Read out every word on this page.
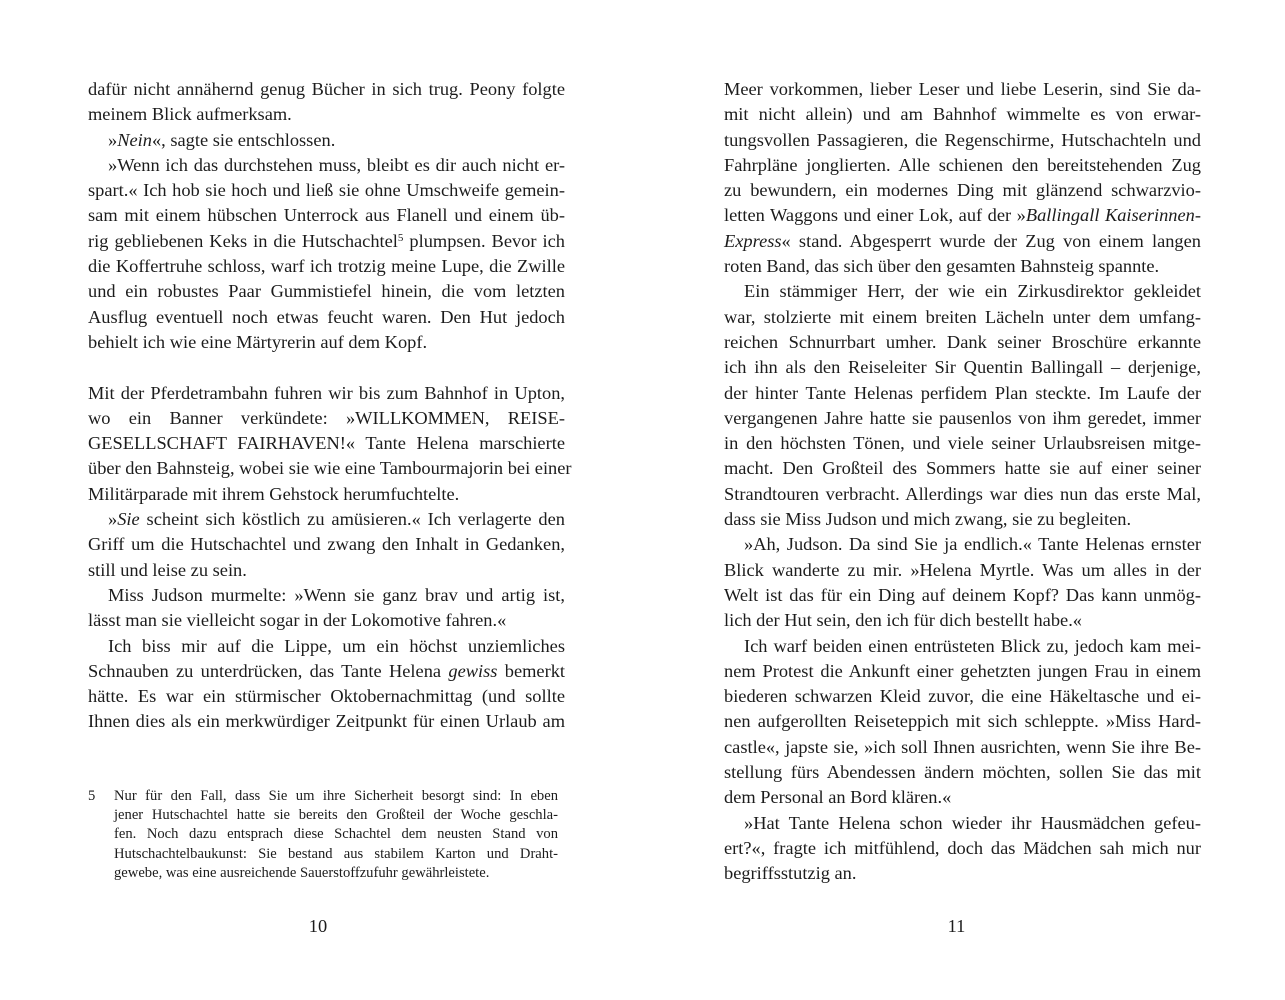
dafür nicht annähernd genug Bücher in sich trug. Peony folgte
meinem Blick aufmerksam.
»Nein«, sagte sie entschlossen.
»Wenn ich das durchstehen muss, bleibt es dir auch nicht er-
spart.« Ich hob sie hoch und ließ sie ohne Umschweife gemein-
sam mit einem hübschen Unterrock aus Flanell und einem üb-
rig gebliebenen Keks in die Hutschachtel$^5$ plumpsen. Bevor ich
die Koffertruhe schloss, warf ich trotzig meine Lupe, die Zwille
und ein robustes Paar Gummistiefel hinein, die vom letzten
Ausflug eventuell noch etwas feucht waren. Den Hut jedoch
behielt ich wie eine Märtyrerin auf dem Kopf.
Mit der Pferdetrambahn fuhren wir bis zum Bahnhof in Upton,
wo ein Banner verkündete: »WILLKOMMEN, REISE-
GESELLSCHAFT FAIRHAVEN!« Tante Helena marschierte
über den Bahnsteig, wobei sie wie eine Tambourmajorin bei einer
Militärparade mit ihrem Gehstock herumfuchtelte.
»Sie scheint sich köstlich zu amüsieren.« Ich verlagerte den
Griff um die Hutschachtel und zwang den Inhalt in Gedanken,
still und leise zu sein.
Miss Judson murmelte: »Wenn sie ganz brav und artig ist,
lässt man sie vielleicht sogar in der Lokomotive fahren.«
Ich biss mir auf die Lippe, um ein höchst unziemliches
Schnauben zu unterdrücken, das Tante Helena gewiss bemerkt
hätte. Es war ein stürmischer Oktobernachmittag (und sollte
Ihnen dies als ein merkwürdiger Zeitpunkt für einen Urlaub am
5 Nur für den Fall, dass Sie um ihre Sicherheit besorgt sind: In eben
jener Hutschachtel hatte sie bereits den Großteil der Woche geschla-
fen. Noch dazu entsprach diese Schachtel dem neusten Stand von
Hutschachtelbaukunst: Sie bestand aus stabilem Karton und Draht-
gewebe, was eine ausreichende Sauerstoffzufuhr gewährleistete.
10
Meer vorkommen, lieber Leser und liebe Leserin, sind Sie da-
mit nicht allein) und am Bahnhof wimmelte es von erwar-
tungsvollen Passagieren, die Regenschirme, Hutschachteln und
Fahrpläne jonglierten. Alle schienen den bereitstehenden Zug
zu bewundern, ein modernes Ding mit glänzend schwarzvio-
letten Waggons und einer Lok, auf der »Ballingall Kaiserinnen-
Express« stand. Abgesperrt wurde der Zug von einem langen
roten Band, das sich über den gesamten Bahnsteig spannte.
Ein stämmiger Herr, der wie ein Zirkusdirektor gekleidet
war, stolzierte mit einem breiten Lächeln unter dem umfang-
reichen Schnurrbart umher. Dank seiner Broschüre erkannte
ich ihn als den Reiseleiter Sir Quentin Ballingall – derjenige,
der hinter Tante Helenas perfidem Plan steckte. Im Laufe der
vergangenen Jahre hatte sie pausenlos von ihm geredet, immer
in den höchsten Tönen, und viele seiner Urlaubsreisen mitge-
macht. Den Großteil des Sommers hatte sie auf einer seiner
Strandtouren verbracht. Allerdings war dies nun das erste Mal,
dass sie Miss Judson und mich zwang, sie zu begleiten.
»Ah, Judson. Da sind Sie ja endlich.« Tante Helenas ernster
Blick wanderte zu mir. »Helena Myrtle. Was um alles in der
Welt ist das für ein Ding auf deinem Kopf? Das kann unmög-
lich der Hut sein, den ich für dich bestellt habe.«
Ich warf beiden einen entrüsteten Blick zu, jedoch kam mei-
nem Protest die Ankunft einer gehetzten jungen Frau in einem
biederen schwarzen Kleid zuvor, die eine Häkeltasche und ei-
nen aufgerollten Reiseteppich mit sich schleppte. »Miss Hard-
castle«, japste sie, »ich soll Ihnen ausrichten, wenn Sie ihre Be-
stellung fürs Abendessen ändern möchten, sollen Sie das mit
dem Personal an Bord klären.«
»Hat Tante Helena schon wieder ihr Hausmädchen gefeu-
ert?«, fragte ich mitfühlend, doch das Mädchen sah mich nur
begriffsstutzig an.
11
